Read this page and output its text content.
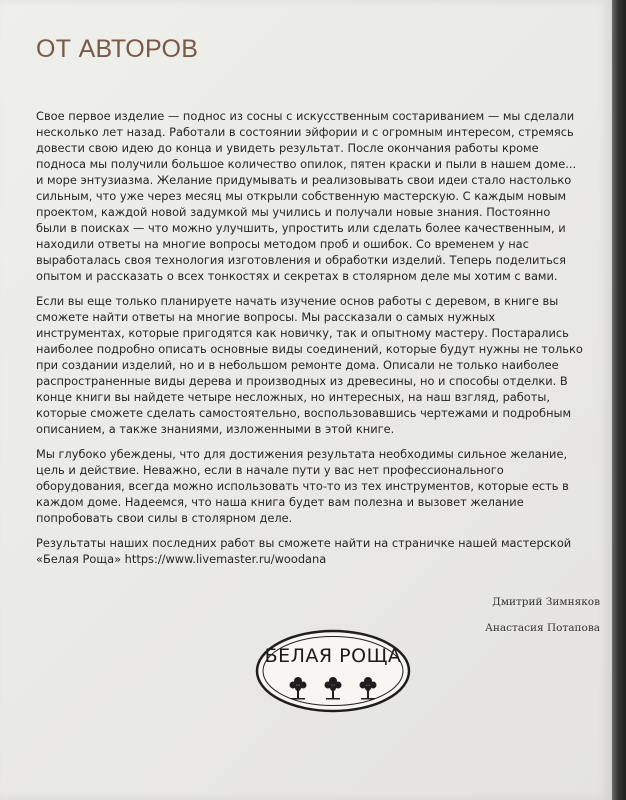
ОТ АВТОРОВ

Свое первое изделие — поднос из сосны с искусственным состариванием — мы сделали несколько лет назад. Работали в состоянии эйфории и с огромным интересом, стремясь довести свою идею до конца и увидеть результат. После окончания работы кроме подноса мы получили большое количество опилок, пятен краски и пыли в нашем доме... и море энтузиазма. Желание придумывать и реализовывать свои идеи стало настолько сильным, что уже через месяц мы открыли собственную мастерскую. С каждым новым проектом, каждой новой задумкой мы учились и получали новые знания. Постоянно были в поисках — что можно улучшить, упростить или сделать более качественным, и находили ответы на многие вопросы методом проб и ошибок. Со временем у нас выработалась своя технология изготовления и обработки изделий. Теперь поделиться опытом и рассказать о всех тонкостях и секретах в столярном деле мы хотим с вами.

Если вы еще только планируете начать изучение основ работы с деревом, в книге вы сможете найти ответы на многие вопросы. Мы рассказали о самых нужных инструментах, которые пригодятся как новичку, так и опытному мастеру. Постарались наиболее подробно описать основные виды соединений, которые будут нужны не только при создании изделий, но и в небольшом ремонте дома. Описали не только наиболее распространенные виды дерева и производных из древесины, но и способы отделки. В конце книги вы найдете четыре несложных, но интересных, на наш взгляд, работы, которые сможете сделать самостоятельно, воспользовавшись чертежами и подробным описанием, а также знаниями, изложенными в этой книге.

Мы глубоко убеждены, что для достижения результата необходимы сильное желание, цель и действие. Неважно, если в начале пути у вас нет профессионального оборудования, всегда можно использовать что-то из тех инструментов, которые есть в каждом доме. Надеемся, что наша книга будет вам полезна и вызовет желание попробовать свои силы в столярном деле.

Результаты наших последних работ вы сможете найти на страничке нашей мастерской «Белая Роща» https://www.livemaster.ru/woodana

Дмитрий Зимняков
Анастасия Потапова
БЕЛАЯ РОЩА
